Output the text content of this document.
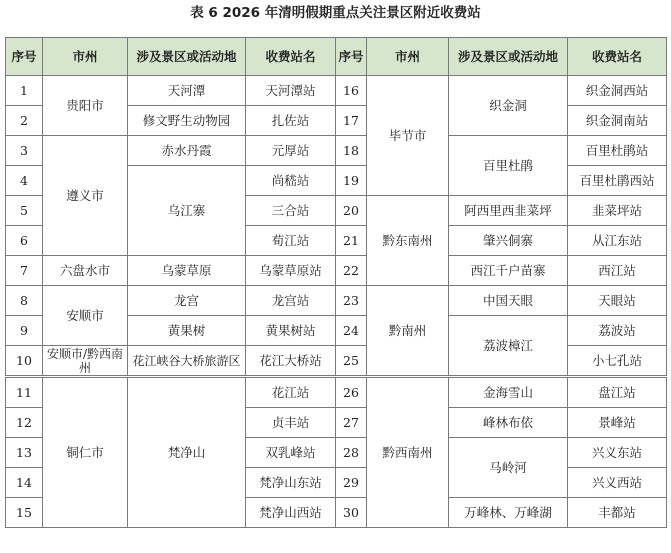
表 6 2026 年清明假期重点关注景区附近收费站
序号	市州	涉及景区或活动地	收费站名	序号	市州	涉及景区或活动地	收费站名
1	贵阳市	天河潭	天河潭站	16	毕节市	织金洞	织金洞西站
2		修文野生动物园	扎佐站	17			织金洞南站
3	遵义市	赤水丹霞	元厚站	18		百里杜鹃	百里杜鹃站
4		乌江寨	尚嵇站	19			百里杜鹃西站
5			三合站	20	黔东南州	阿西里西韭菜坪	韭菜坪站
6			荀江站	21		肇兴侗寨	从江东站
7	六盘水市	乌蒙草原	乌蒙草原站	22		西江千户苗寨	西江站
8	安顺市	龙宫	龙宫站	23	黔南州	中国天眼	天眼站
9		黄果树	黄果树站	24		荔波樟江	荔波站
10	安顺市/黔西南州	花江峡谷大桥旅游区	花江大桥站	25			小七孔站
11	铜仁市	梵净山	花江站	26	黔西南州	金海雪山	盘江站
12			贞丰站	27		峰林布依	景峰站
13			双乳峰站	28		马岭河	兴义东站
14			梵净山东站	29			兴义西站
15			梵净山西站	30		万峰林、万峰湖	丰都站
